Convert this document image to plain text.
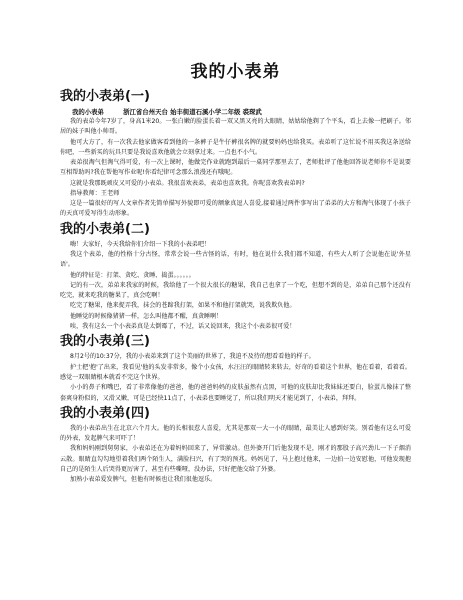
我的小表弟
我的小表弟(一)

我的小表弟　　　浙江省台州天台 始丰街道石溪小学二年级 裘琛武

我的表弟今年7岁了，身高1米20。一张白嫩的脸蛋长着一双又黑又亮的大眼睛，姑姑给他剃了个平头，看上去像一把刷子。邻居的妹子叫他小帅哥。

他可大方了，有一次我去他家做客看到他的一条裤子是牛仔裤很名牌的就要妈妈也给我买。表弟听了这忙说不用买我这条送给你吧，一些新买的玩具只要是我说喜欢他就会立刻拿过来。一点也不小气。

表弟很淘气但淘气得可爱，有一次上课时，他做完作业就跑到最后一桌同学那里去了，老师批评了他他回答说老师你不是说要互相帮助吗?我在帮他写作业呢!你看纪律可念那么浪漫还有哦呢。

这就是我那既顽皮又可爱的小表弟。我很喜欢表弟，表弟也喜欢我。你呢喜欢我表弟吗?

指导教师：王老师

这是一篇很好的写人文章作者先简单描写外貌即可爱的额象真逗人喜爱,接着通过两件事写出了弟弟的大方和淘气体现了小孩子的天真可爱写得生动形象。

我的小表弟(二)

嗨！大家好，今天我给你们介绍一下我的小表弟吧！

我这个表弟，他的性格十分古怪，常常会说一些古怪的话，有时，他在说什么我们都不知道，有些大人听了会说他在说'外星语'。

他的特征是：打架、贪吃、贪睡、捣蛋。。。。。。

记的有一次，弟弟来我家的时候，我给他了一个很大很长的糖果，我自己也拿了一个吃，但想不到的是，弟弟自己那个还没有吃完，就来吃我的糖果了，真会吃啊！

吃完了糖果，他来捉弄我，抹会的苍蹄我打架，如果不和他打架就哭，说我欺负他。

他睡觉的时候像猪猪一样，怎么叫他都不醒，真贪睡啊！

唉，我有这么一个小表弟真是太倒霉了，不过，话又说回来，我这个小表弟很可爱！

我的小表弟(三)

8月2号的10:37分，我的小表弟来到了这个美丽的世界了，我迫不及待的想看看他的样子。

护士把'抱'了出来，我看见'他的头发非常多，像个小女孩，水汪汪的眼睛转来转去，好奇的看着这个世界，他在看着，看着看。感觉一双眼睛根本就看不完这个世界。

小小的鼻子和嘴巴，看了非常像他的爸爸，他的爸爸妈妈的皮肤虽然有点黑，可他的皮肤却比我妹妹还要白，脸蛋儿像抹了整套爽身粉似的，又滑又嫩，可是已经快11点了，小表弟也要睡觉了，所以我们明天才能见到了，小表弟，拜拜。

我的小表弟(四)

我的小表弟出生在北京六个月大。他的长相很惹人喜爱，尤其是那双一大一小的眼睛，最美让人感到好笑。别看他有这么可爱的外表，发起脾气来可吓了！

我和妈妈刚到舅舅家，小表弟还在为着妈妈回来了，异常激动。但外婆开门后他发现不是，刚才的那股子高兴劲儿一下子烟消云散。眼睛直勾勾地望着我们两个陌生人，满脸扫兴，有了哭的预兆。妈妈见了，马上抱过他来，一边拍一边安慰他，可他发现抱自己的是陌生人后哭得更厉害了，甚至有些嘶哑，没办法，只好把他交给了外婆。

加熟小表弟爱发脾气，但他有时候也让我们很他逗乐。
